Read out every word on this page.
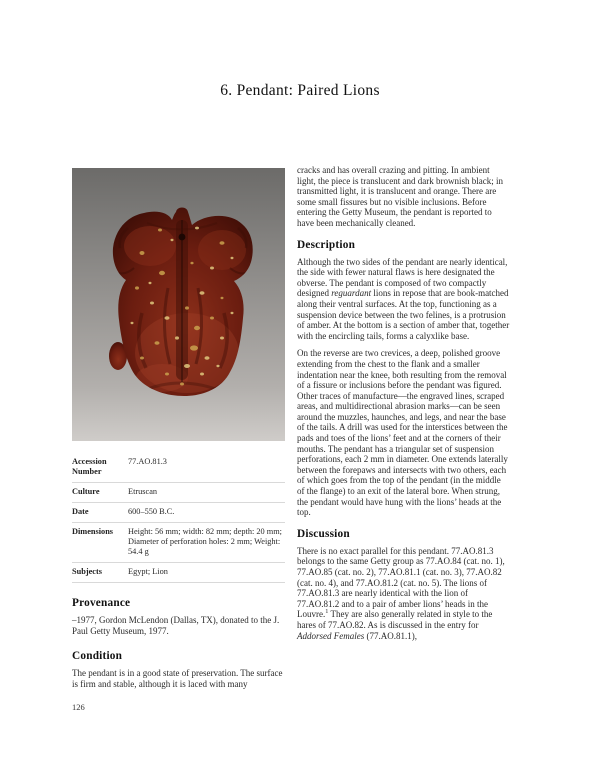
6. Pendant: Paired Lions
Accession Number	77.AO.81.3
Culture	Etruscan
Date	600–550 B.C.
Dimensions	Height: 56 mm; width: 82 mm; depth: 20 mm; Diameter of perforation holes: 2 mm; Weight: 54.4 g
Subjects	Egypt; Lion
Provenance

–1977, Gordon McLendon (Dallas, TX), donated to the J. Paul Getty Museum, 1977.

Condition

The pendant is in a good state of preservation. The surface is firm and stable, although it is laced with many

cracks and has overall crazing and pitting. In ambient light, the piece is translucent and dark brownish black; in transmitted light, it is translucent and orange. There are some small fissures but no visible inclusions. Before entering the Getty Museum, the pendant is reported to have been mechanically cleaned.

Description

Although the two sides of the pendant are nearly identical, the side with fewer natural flaws is here designated the obverse. The pendant is composed of two compactly designed reguardant lions in repose that are book-matched along their ventral surfaces. At the top, functioning as a suspension device between the two felines, is a protrusion of amber. At the bottom is a section of amber that, together with the encircling tails, forms a calyxlike base.

On the reverse are two crevices, a deep, polished groove extending from the chest to the flank and a smaller indentation near the knee, both resulting from the removal of a fissure or inclusions before the pendant was figured. Other traces of manufacture—the engraved lines, scraped areas, and multidirectional abrasion marks—can be seen around the muzzles, haunches, and legs, and near the base of the tails. A drill was used for the interstices between the pads and toes of the lions’ feet and at the corners of their mouths. The pendant has a triangular set of suspension perforations, each 2 mm in diameter. One extends laterally between the forepaws and intersects with two others, each of which goes from the top of the pendant (in the middle of the flange) to an exit of the lateral bore. When strung, the pendant would have hung with the lions’ heads at the top.

Discussion

There is no exact parallel for this pendant. 77.AO.81.3 belongs to the same Getty group as 77.AO.84 (cat. no. 1), 77.AO.85 (cat. no. 2), 77.AO.81.1 (cat. no. 3), 77.AO.82 (cat. no. 4), and 77.AO.81.2 (cat. no. 5). The lions of 77.AO.81.3 are nearly identical with the lion of 77.AO.81.2 and to a pair of amber lions’ heads in the Louvre.$^1$ They are also generally related in style to the hares of 77.AO.82. As is discussed in the entry for Addorsed Females (77.AO.81.1),

126
